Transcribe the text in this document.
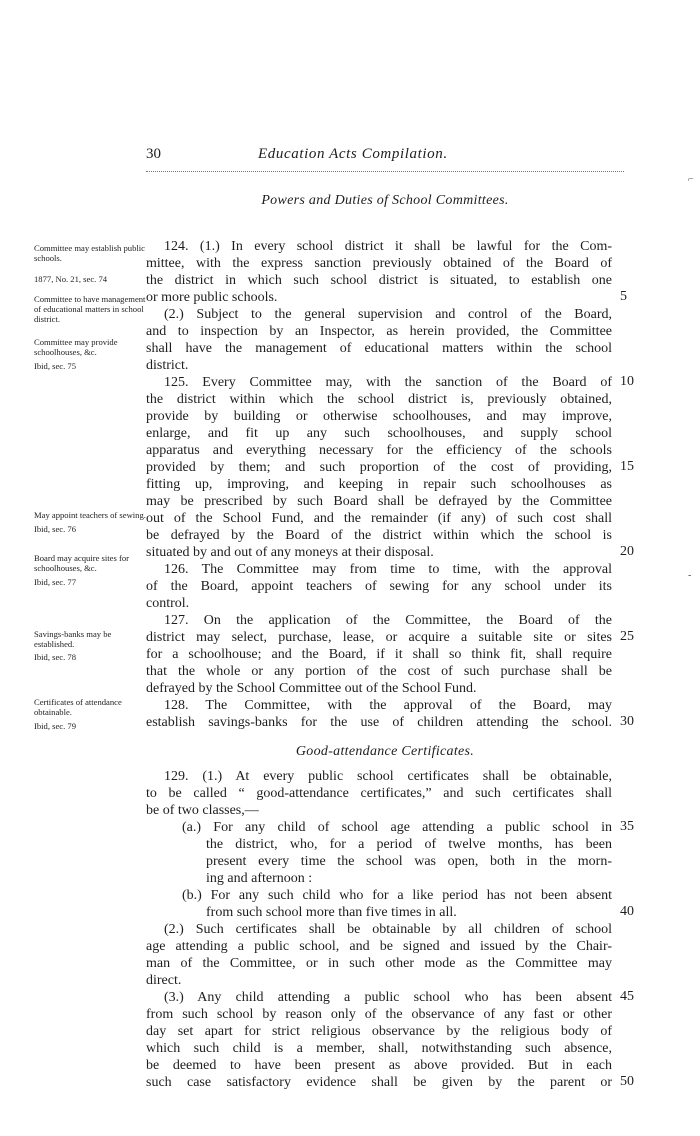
30	Education Acts Compilation.
Powers and Duties of School Committees.
Committee may establish public schools.
1877, No. 21, sec. 74
Committee to have management of educational matters in school district.
Committee may provide schoolhouses, &c.
Ibid, sec. 75
May appoint teachers of sewing.
Ibid, sec. 76
Board may acquire sites for schoolhouses, &c.
Ibid, sec. 77
Savings-banks may be established.
Ibid, sec. 78
Certificates of attendance obtainable.
Ibid, sec. 79
124. (1.) In every school district it shall be lawful for the Com-
mittee, with the express sanction previously obtained of the Board of
the district in which such school district is situated, to establish one
or more public schools.
(2.) Subject to the general supervision and control of the Board,
and to inspection by an Inspector, as herein provided, the Committee
shall have the management of educational matters within the school
district.
125. Every Committee may, with the sanction of the Board of
the district within which the school district is, previously obtained,
provide by building or otherwise schoolhouses, and may improve,
enlarge, and fit up any such schoolhouses, and supply school
apparatus and everything necessary for the efficiency of the schools
provided by them; and such proportion of the cost of providing,
fitting up, improving, and keeping in repair such schoolhouses as
may be prescribed by such Board shall be defrayed by the Committee
out of the School Fund, and the remainder (if any) of such cost shall
be defrayed by the Board of the district within which the school is
situated by and out of any moneys at their disposal.
126. The Committee may from time to time, with the approval
of the Board, appoint teachers of sewing for any school under its
control.
127. On the application of the Committee, the Board of the
district may select, purchase, lease, or acquire a suitable site or sites
for a schoolhouse; and the Board, if it shall so think fit, shall require
that the whole or any portion of the cost of such purchase shall be
defrayed by the School Committee out of the School Fund.
128. The Committee, with the approval of the Board, may
establish savings-banks for the use of children attending the school.
Good-attendance Certificates.
129. (1.) At every public school certificates shall be obtainable,
to be called “ good-attendance certificates,” and such certificates shall
be of two classes,—
(a.) For any child of school age attending a public school in
the district, who, for a period of twelve months, has been
present every time the school was open, both in the morn-
ing and afternoon :
(b.) For any such child who for a like period has not been absent
from such school more than five times in all.
(2.) Such certificates shall be obtainable by all children of school
age attending a public school, and be signed and issued by the Chair-
man of the Committee, or in such other mode as the Committee may
direct.
(3.) Any child attending a public school who has been absent
from such school by reason only of the observance of any fast or other
day set apart for strict religious observance by the religious body of
which such child is a member, shall, notwithstanding such absence,
be deemed to have been present as above provided. But in each
such case satisfactory evidence shall be given by the parent or
5
10
15
20
25
30
35
40
45
50
⌐
-
